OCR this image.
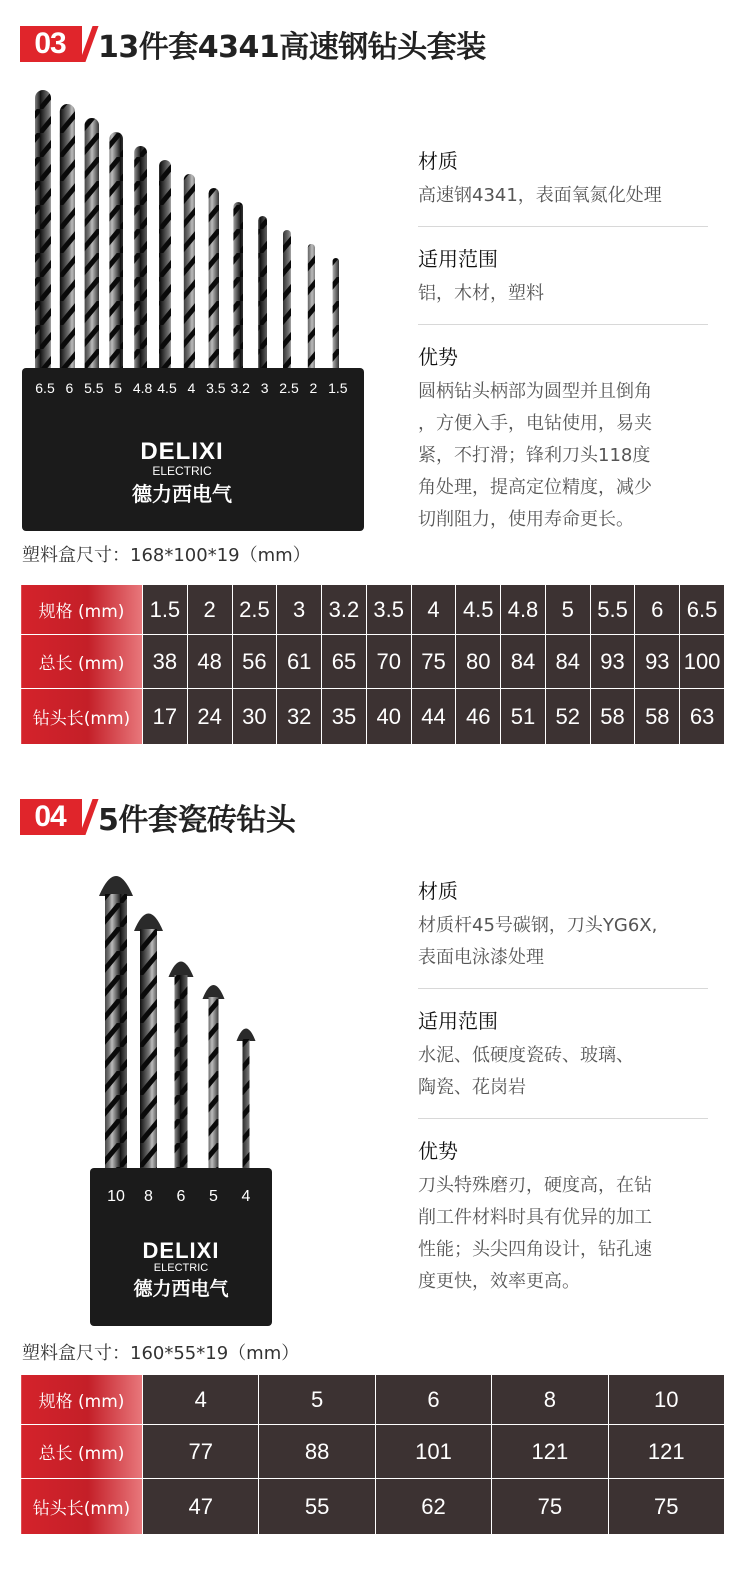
03	13件套4341高速钢钻头套装
6.5 6 5.5 5 4.8 4.5 4 3.5 3.2 3 2.5 2 1.5
DELIXI
ELECTRIC
德力西电气
材质
高速钢4341，表面氧氮化处理
适用范围
铝，木材，塑料
优势
圆柄钻头柄部为圆型并且倒角
，方便入手，电钻使用，易夹
紧，不打滑；锋利刀头118度
角处理，提高定位精度，减少
切削阻力，使用寿命更长。
塑料盒尺寸：168*100*19（mm）
规格 (mm)	1.5	2	2.5	3	3.2	3.5	4	4.5	4.8	5	5.5	6	6.5
总长 (mm)	38	48	56	61	65	70	75	80	84	84	93	93	100
钻头长(mm)	17	24	30	32	35	40	44	46	51	52	58	58	63
04	5件套瓷砖钻头
10	8	6	5	4
DELIXI
ELECTRIC
德力西电气
材质
材质杆45号碳钢，刀头YG6X,
表面电泳漆处理
适用范围
水泥、低硬度瓷砖、玻璃、
陶瓷、花岗岩
优势
刀头特殊磨刃，硬度高，在钻
削工件材料时具有优异的加工
性能；头尖四角设计，钻孔速
度更快，效率更高。
塑料盒尺寸：160*55*19（mm）
规格 (mm)	4	5	6	8	10
总长 (mm)	77	88	101	121	121
钻头长(mm)	47	55	62	75	75
